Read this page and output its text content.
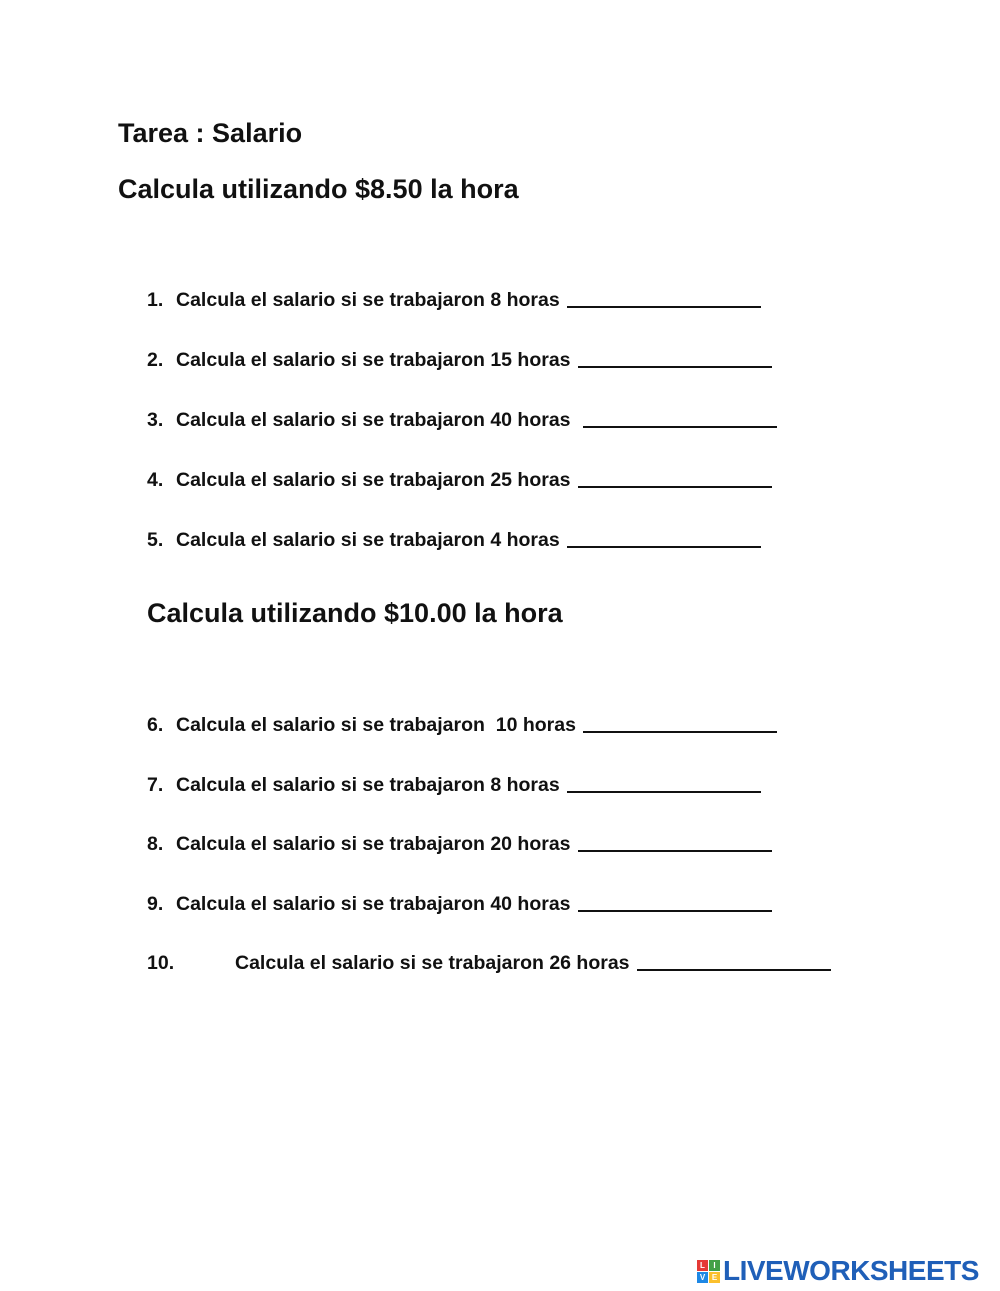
Tarea : Salario
Calcula utilizando $8.50 la hora
1. Calcula el salario si se trabajaron 8 horas
2. Calcula el salario si se trabajaron 15 horas
3. Calcula el salario si se trabajaron 40 horas
4. Calcula el salario si se trabajaron 25 horas
5. Calcula el salario si se trabajaron 4 horas
Calcula utilizando $10.00 la hora
6. Calcula el salario si se trabajaron  10 horas
7. Calcula el salario si se trabajaron 8 horas
8. Calcula el salario si se trabajaron 20 horas
9. Calcula el salario si se trabajaron 40 horas
10.	Calcula el salario si se trabajaron 26 horas
L	I
V E LIVEWORKSHEETS
